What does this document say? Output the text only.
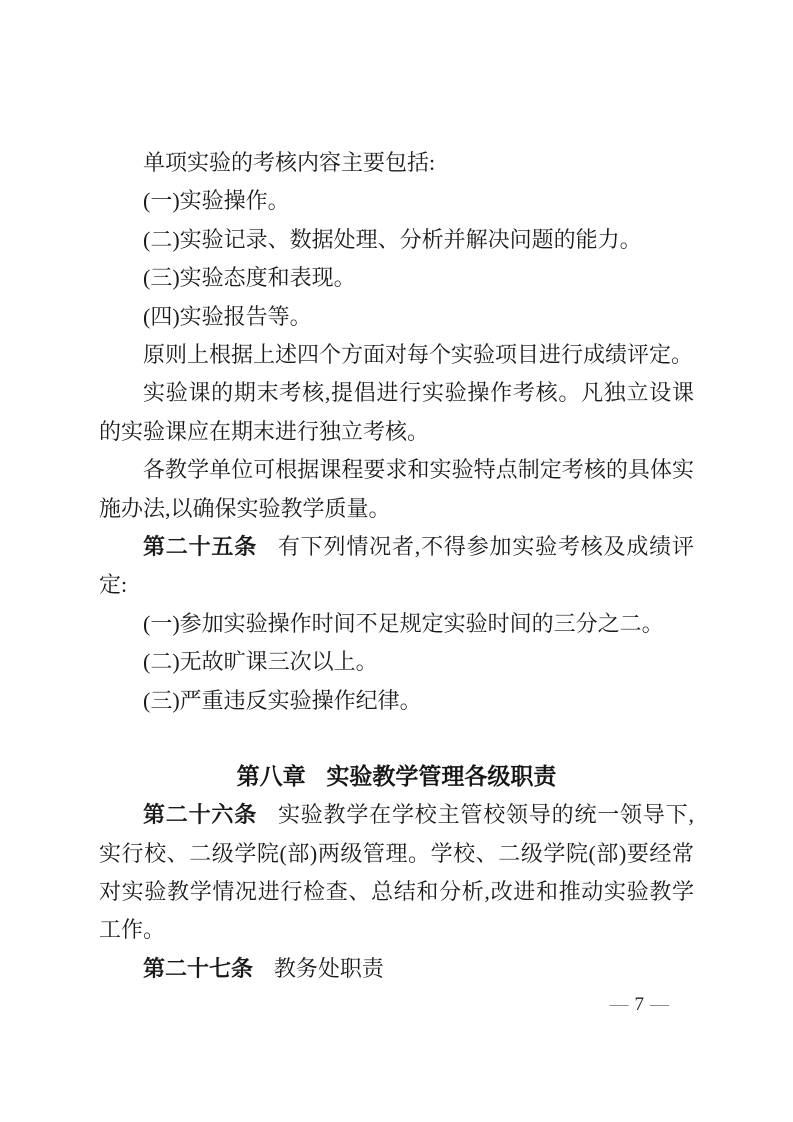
单项实验的考核内容主要包括:

(一)实验操作。

(二)实验记录、数据处理、分析并解决问题的能力。

(三)实验态度和表现。

(四)实验报告等。

原则上根据上述四个方面对每个实验项目进行成绩评定。

实验课的期末考核,提倡进行实验操作考核。凡独立设课的实验课应在期末进行独立考核。

各教学单位可根据课程要求和实验特点制定考核的具体实施办法,以确保实验教学质量。

第二十五条 有下列情况者,不得参加实验考核及成绩评定:

(一)参加实验操作时间不足规定实验时间的三分之二。

(二)无故旷课三次以上。

(三)严重违反实验操作纪律。

第八章 实验教学管理各级职责

第二十六条 实验教学在学校主管校领导的统一领导下,实行校、二级学院(部)两级管理。学校、二级学院(部)要经常对实验教学情况进行检查、总结和分析,改进和推动实验教学工作。

第二十七条 教务处职责

— 7 —
